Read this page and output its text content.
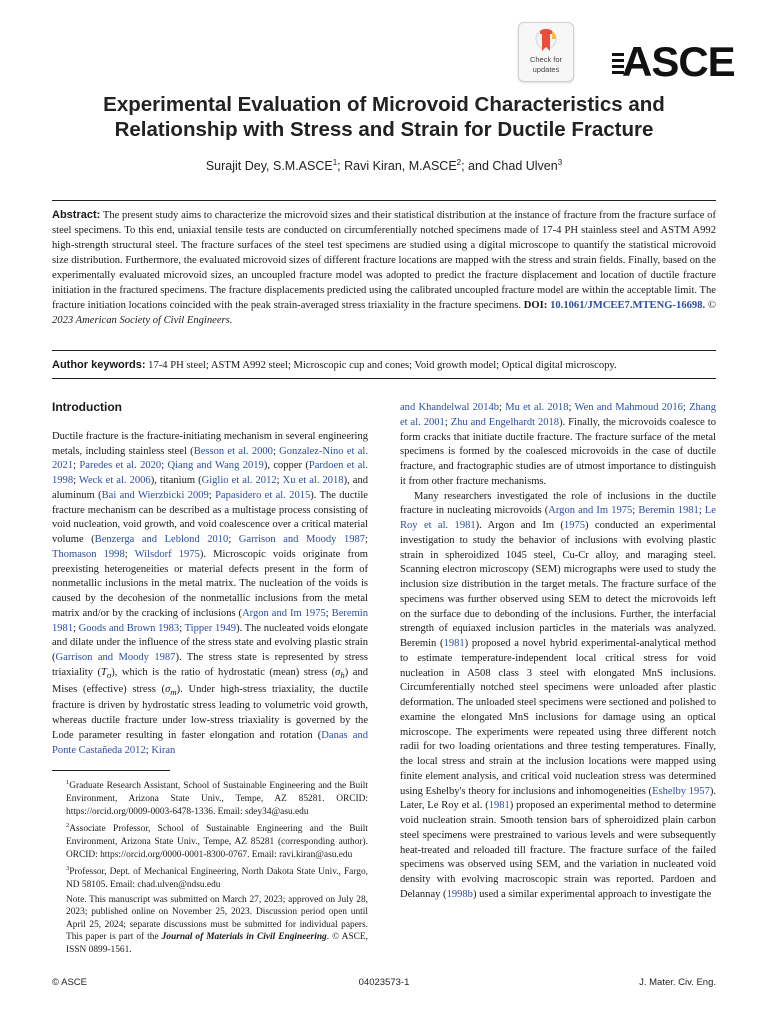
Check for
updates	ASCE
Experimental Evaluation of Microvoid Characteristics and Relationship with Stress and Strain for Ductile Fracture
Surajit Dey, S.M.ASCE$^1$; Ravi Kiran, M.ASCE$^2$; and Chad Ulven$^3$
Abstract: The present study aims to characterize the microvoid sizes and their statistical distribution at the instance of fracture from the fracture surface of steel specimens. To this end, uniaxial tensile tests are conducted on circumferentially notched specimens made of 17-4 PH stainless steel and ASTM A992 high-strength structural steel. The fracture surfaces of the steel test specimens are studied using a digital microscope to quantify the statistical microvoid size distribution. Furthermore, the evaluated microvoid sizes of different fracture locations are mapped with the stress and strain fields. Finally, based on the experimentally evaluated microvoid sizes, an uncoupled fracture model was adopted to predict the fracture displacement and location of ductile fracture initiation in the fractured specimens. The fracture displacements predicted using the calibrated uncoupled fracture model are within the acceptable limit. The fracture initiation locations coincided with the peak strain-averaged stress triaxiality in the fracture specimens. DOI: 10.1061/JMCEE7.MTENG-16698. © 2023 American Society of Civil Engineers.
Author keywords: 17-4 PH steel; ASTM A992 steel; Microscopic cup and cones; Void growth model; Optical digital microscopy.
Introduction

Ductile fracture is the fracture-initiating mechanism in several engineering metals, including stainless steel (Besson et al. 2000; Gonzalez-Nino et al. 2021; Paredes et al. 2020; Qiang and Wang 2019), copper (Pardoen et al. 1998; Weck et al. 2006), titanium (Giglio et al. 2012; Xu et al. 2018), and aluminum (Bai and Wierzbicki 2009; Papasidero et al. 2015). The ductile fracture mechanism can be described as a multistage process consisting of void nucleation, void growth, and void coalescence over a critical material volume (Benzerga and Leblond 2010; Garrison and Moody 1987; Thomason 1998; Wilsdorf 1975). Microscopic voids originate from preexisting heterogeneities or material defects present in the form of nonmetallic inclusions in the metal matrix. The nucleation of the voids is caused by the decohesion of the nonmetallic inclusions from the metal matrix and/or by the cracking of inclusions (Argon and Im 1975; Beremin 1981; Goods and Brown 1983; Tipper 1949). The nucleated voids elongate and dilate under the influence of the stress state and evolving plastic strain (Garrison and Moody 1987). The stress state is represented by stress triaxiality $(T_\sigma)$, which is the ratio of hydrostatic (mean) stress $(\sigma_h)$ and Mises (effective) stress $(\sigma_m)$. Under high-stress triaxiality, the ductile fracture is driven by hydrostatic stress leading to volumetric void growth, whereas ductile fracture under low-stress triaxiality is governed by the Lode parameter resulting in faster elongation and rotation (Danas and Ponte Castañeda 2012; Kiran

$^1$Graduate Research Assistant, School of Sustainable Engineering and the Built Environment, Arizona State Univ., Tempe, AZ 85281. ORCID: https://orcid.org/0009-0003-6478-1336. Email: sdey34@asu.edu
$^2$Associate Professor, School of Sustainable Engineering and the Built Environment, Arizona State Univ., Tempe, AZ 85281 (corresponding author). ORCID: https://orcid.org/0000-0001-8300-0767. Email: ravi.kiran@asu.edu
$^3$Professor, Dept. of Mechanical Engineering, North Dakota State Univ., Fargo, ND 58105. Email: chad.ulven@ndsu.edu
Note. This manuscript was submitted on March 27, 2023; approved on July 28, 2023; published online on November 25, 2023. Discussion period open until April 25, 2024; separate discussions must be submitted for individual papers. This paper is part of the Journal of Materials in Civil Engineering. © ASCE, ISSN 0899-1561.

and Khandelwal 2014b; Mu et al. 2018; Wen and Mahmoud 2016; Zhang et al. 2001; Zhu and Engelhardt 2018). Finally, the microvoids coalesce to form cracks that initiate ductile fracture. The fracture surface of the metal specimens is formed by the coalesced microvoids in the case of ductile fracture, and fractographic studies are of utmost importance to distinguish it from other fracture mechanisms.

Many researchers investigated the role of inclusions in the ductile fracture in nucleating microvoids (Argon and Im 1975; Beremin 1981; Le Roy et al. 1981). Argon and Im (1975) conducted an experimental investigation to study the behavior of inclusions with evolving plastic strain in spheroidized 1045 steel, Cu-Cr alloy, and maraging steel. Scanning electron microscopy (SEM) micrographs were used to study the inclusion size distribution in the target metals. The fracture surface of the specimens was further observed using SEM to detect the microvoids left on the surface due to debonding of the inclusions. Further, the interfacial strength of equiaxed inclusion particles in the materials was analyzed. Beremin (1981) proposed a novel hybrid experimental-analytical method to estimate temperature-independent local critical stress for void nucleation in A508 class 3 steel with elongated MnS inclusions. Circumferentially notched steel specimens were unloaded after plastic deformation. The unloaded steel specimens were sectioned and polished to examine the elongated MnS inclusions for damage using an optical microscope. The experiments were repeated using three different notch radii for two loading orientations and three testing temperatures. Finally, the local stress and strain at the inclusion locations were mapped using finite element analysis, and critical void nucleation stress was determined using Eshelby's theory for inclusions and inhomogeneities (Eshelby 1957). Later, Le Roy et al. (1981) proposed an experimental method to determine void nucleation strain. Smooth tension bars of spheroidized plain carbon steel specimens were prestrained to various levels and were subsequently heat-treated and reloaded till fracture. The fracture surface of the failed specimens was observed using SEM, and the variation in nucleated void density with evolving macroscopic strain was reported. Pardoen and Delannay (1998b) used a similar experimental approach to investigate the

© ASCE	04023573-1	J. Mater. Civ. Eng.
